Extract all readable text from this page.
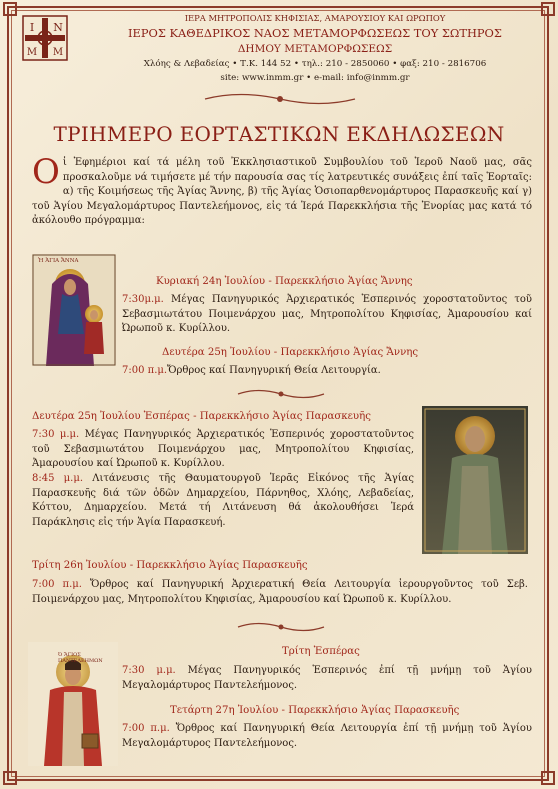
Ι Ν
Μ Μ
ΙΕΡΑ ΜΗΤΡΟΠΟΛΙΣ ΚΗΦΙΣΙΑΣ, ΑΜΑΡΟΥΣΙΟΥ ΚΑΙ ΩΡΩΠΟΥ
ΙΕΡΟΣ ΚΑΘΕΔΡΙΚΟΣ ΝΑΟΣ ΜΕΤΑΜΟΡΦΩΣΕΩΣ ΤΟΥ ΣΩΤΗΡΟΣ
ΔΗΜΟΥ ΜΕΤΑΜΟΡΦΩΣΕΩΣ
Χλόης & Λεβαδείας • Τ.Κ. 144 52 • τηλ.: 210 - 2850060 • φαξ: 210 - 2816706
site: www.inmm.gr • e-mail: info@inmm.gr
ΤΡΙΗΜΕΡΟ ΕΟΡΤΑΣΤΙΚΩΝ ΕΚΔΗΛΩΣΕΩΝ
Οἱ Ἐφημέριοι καί τά μέλη τοῦ Ἐκκλησιαστικοῦ Συμβουλίου τοῦ Ἱεροῦ Ναοῦ μας, σᾶς προσκαλοῦμε νά τιμήσετε μέ τήν παρουσία σας τίς λατρευτικές συνάξεις ἐπί ταῖς Ἑορταῖς: α) τῆς Κοιμήσεως τῆς Ἁγίας Ἄννης, β) τῆς Ἁγίας Ὁσιοπαρθενομάρτυρος Παρασκευῆς καί γ) τοῦ Ἁγίου Μεγαλομάρτυρος Παντελεήμονος, εἰς τά Ἱερά Παρεκκλήσια τῆς Ἐνορίας μας κατά τό ἀκόλουθο πρόγραμμα:
Ἡ ἉΓΙΑ ἌΝΝΑ
Κυριακή 24η Ἰουλίου - Παρεκκλήσιο Ἁγίας Ἄννης
7:30μ.μ. Μέγας Πανηγυρικός Ἀρχιερατικός Ἑσπερινός χοροστατοῦντος τοῦ Σεβασμιωτάτου Ποιμενάρχου μας, Μητροπολίτου Κηφισίας, Ἀμαρουσίου καί Ὠρωποῦ κ. Κυρίλλου.
Δευτέρα 25η Ἰουλίου - Παρεκκλήσιο Ἁγίας Ἄννης
7:00 π.μ.Ὄρθρος καί Πανηγυρική Θεία Λειτουργία.
Δευτέρα 25η Ἰουλίου Ἑσπέρας - Παρεκκλήσιο Ἁγίας Παρασκευῆς
7:30 μ.μ. Μέγας Πανηγυρικός Ἀρχιερατικός Ἑσπερινός χοροστατοῦντος τοῦ Σεβασμιωτάτου Ποιμενάρχου μας, Μητροπολίτου Κηφισίας, Ἀμαρουσίου καί Ὠρωποῦ κ. Κυρίλλου.
8:45 μ.μ. Λιτάνευσις τῆς Θαυματουργοῦ Ἱερᾶς Εἰκόνος τῆς Ἁγίας Παρασκευῆς διά τῶν ὁδῶν Δημαρχείου, Πάρνηθος, Χλόης, Λεβαδείας, Κόττου, Δημαρχείου. Μετά τή Λιτάνευση θά ἀκολουθήσει Ἱερά Παράκλησις εἰς τήν Ἁγία Παρασκευή.
Τρίτη 26η Ἰουλίου - Παρεκκλήσιο Ἁγίας Παρασκευῆς
7:00 π.μ. Ὄρθρος καί Πανηγυρική Ἀρχιερατική Θεία Λειτουργία ἱερουργοῦντος τοῦ Σεβ. Ποιμενάρχου μας, Μητροπολίτου Κηφισίας, Ἀμαρουσίου καί Ὠρωποῦ κ. Κυρίλλου.
Ὁ ἍΓΙΟΣ ΠΑΝΤΕΛΕΗΜΩΝ
Τρίτη Ἑσπέρας
7:30 μ.μ. Μέγας Πανηγυρικός Ἑσπερινός ἐπί τῇ μνήμῃ τοῦ Ἁγίου Μεγαλομάρτυρος Παντελεήμονος.
Τετάρτη 27η Ἰουλίου - Παρεκκλήσιο Ἁγίας Παρασκευῆς
7:00 π.μ. Ὄρθρος καί Πανηγυρική Θεία Λειτουργία ἐπί τῇ μνήμῃ τοῦ Ἁγίου Μεγαλομάρτυρος Παντελεήμονος.
